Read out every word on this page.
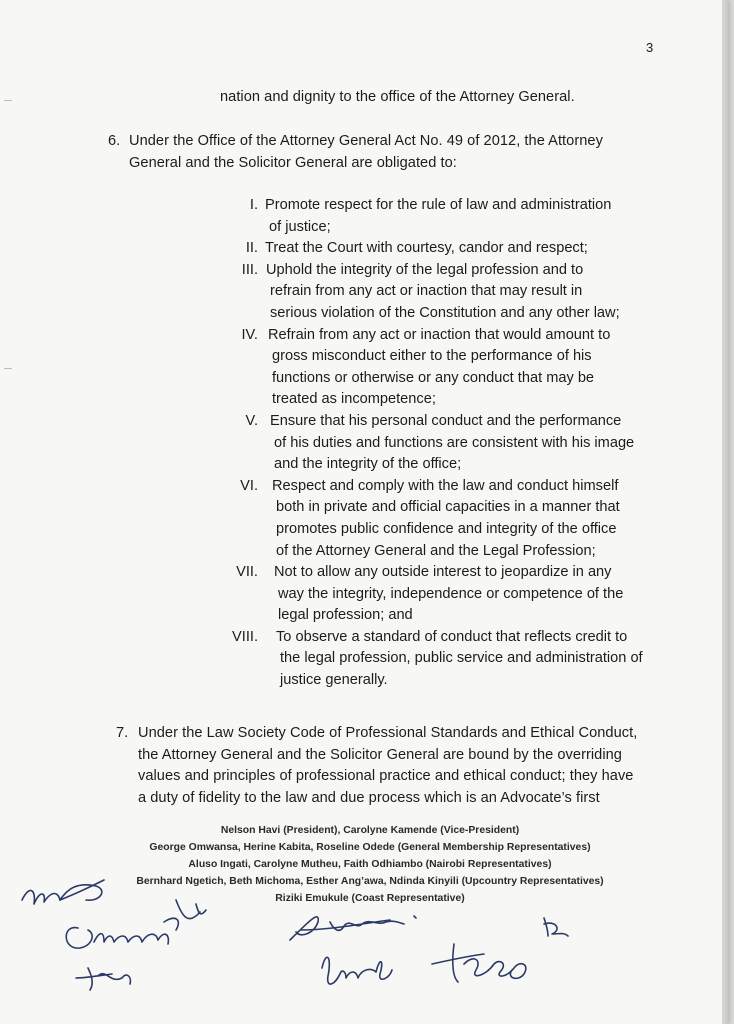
3
nation and dignity to the office of the Attorney General.
6. Under the Office of the Attorney General Act No. 49 of 2012, the Attorney
General and the Solicitor General are obligated to:
I. Promote respect for the rule of law and administration
of justice;
II. Treat the Court with courtesy, candor and respect;
III. Uphold the integrity of the legal profession and to
refrain from any act or inaction that may result in
serious violation of the Constitution and any other law;
IV. Refrain from any act or inaction that would amount to
gross misconduct either to the performance of his
functions or otherwise or any conduct that may be
treated as incompetence;
V. Ensure that his personal conduct and the performance
of his duties and functions are consistent with his image
and the integrity of the office;
VI. Respect and comply with the law and conduct himself
both in private and official capacities in a manner that
promotes public confidence and integrity of the office
of the Attorney General and the Legal Profession;
VII. Not to allow any outside interest to jeopardize in any
way the integrity, independence or competence of the
legal profession; and
VIII. To observe a standard of conduct that reflects credit to
the legal profession, public service and administration of
justice generally.
7. Under the Law Society Code of Professional Standards and Ethical Conduct,
the Attorney General and the Solicitor General are bound by the overriding
values and principles of professional practice and ethical conduct; they have
a duty of fidelity to the law and due process which is an Advocate’s first
Nelson Havi (President), Carolyne Kamende (Vice-President)
George Omwansa, Herine Kabita, Roseline Odede (General Membership Representatives)
Aluso Ingati, Carolyne Mutheu, Faith Odhiambo (Nairobi Representatives)
Bernhard Ngetich, Beth Michoma, Esther Ang’awa, Ndinda Kinyili (Upcountry Representatives)
Riziki Emukule (Coast Representative)
